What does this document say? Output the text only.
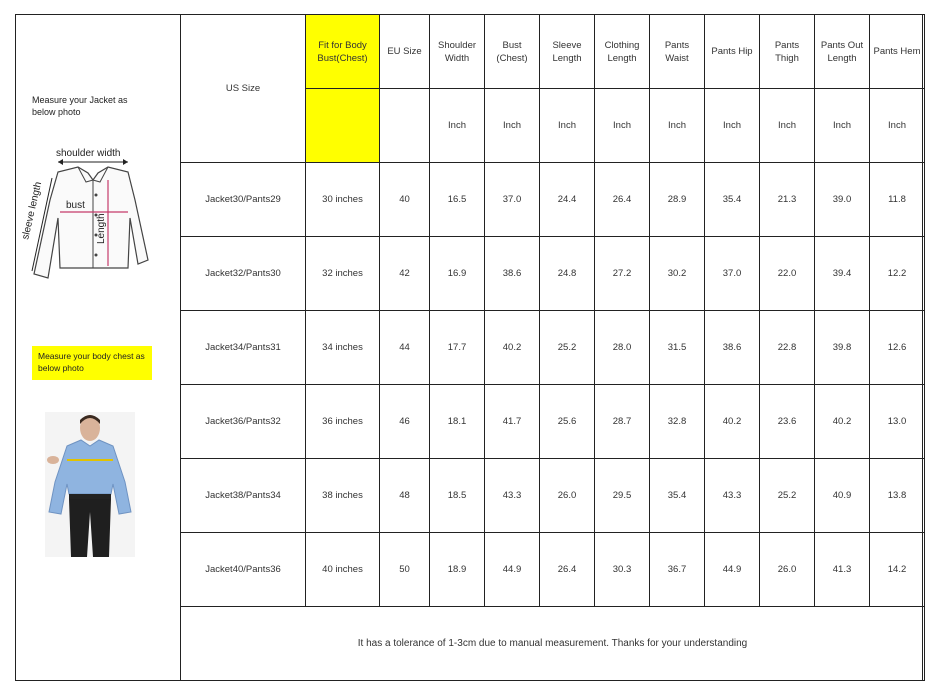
Measure your Jacket as below photo
shoulder width
bust
Length
sleeve length
Measure your body chest as below photo
US Size	Fit for Body Bust(Chest)	EU Size	Shoulder Width	Bust (Chest)	Sleeve Length	Clothing Length	Pants Waist	Pants Hip	Pants Thigh	Pants Out Length	Pants Hem
			Inch	Inch	Inch	Inch	Inch	Inch	Inch	Inch	Inch
Jacket30/Pants29	30 inches	40	16.5	37.0	24.4	26.4	28.9	35.4	21.3	39.0	11.8
Jacket32/Pants30	32 inches	42	16.9	38.6	24.8	27.2	30.2	37.0	22.0	39.4	12.2
Jacket34/Pants31	34 inches	44	17.7	40.2	25.2	28.0	31.5	38.6	22.8	39.8	12.6
Jacket36/Pants32	36 inches	46	18.1	41.7	25.6	28.7	32.8	40.2	23.6	40.2	13.0
Jacket38/Pants34	38 inches	48	18.5	43.3	26.0	29.5	35.4	43.3	25.2	40.9	13.8
Jacket40/Pants36	40 inches	50	18.9	44.9	26.4	30.3	36.7	44.9	26.0	41.3	14.2
It has a tolerance of 1-3cm due to manual measurement. Thanks for your understanding											
